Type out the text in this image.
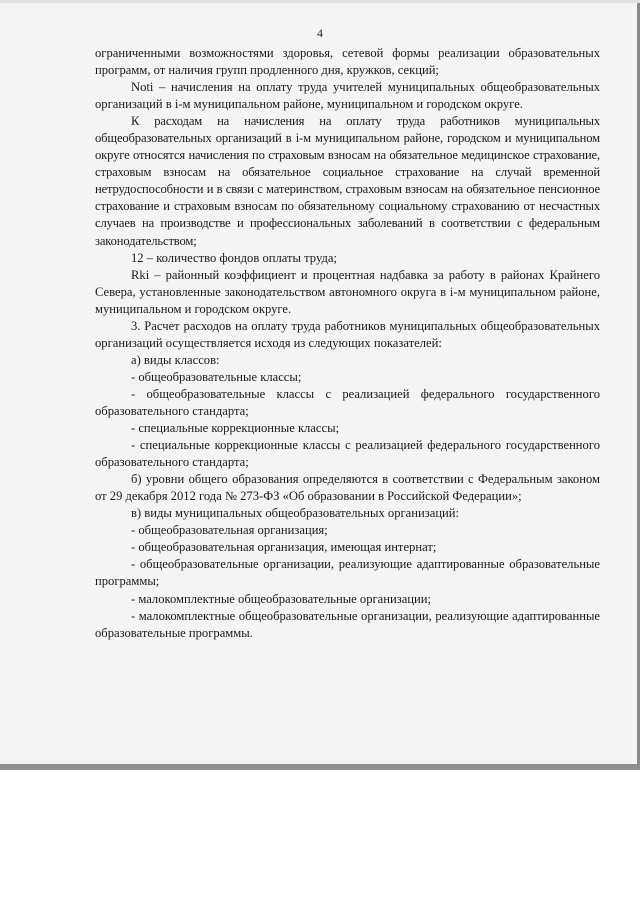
4

ограниченными возможностями здоровья, сетевой формы реализации образовательных программ, от наличия групп продленного дня, кружков, секций;

Noti – начисления на оплату труда учителей муниципальных общеобразовательных организаций в i-м муниципальном районе, муниципальном и городском округе.

К расходам на начисления на оплату труда работников муниципальных общеобразовательных организаций в i-м муниципальном районе, городском и муниципальном округе относятся начисления по страховым взносам на обязательное медицинское страхование, страховым взносам на обязательное социальное страхование на случай временной нетрудоспособности и в связи с материнством, страховым взносам на обязательное пенсионное страхование и страховым взносам по обязательному социальному страхованию от несчастных случаев на производстве и профессиональных заболеваний в соответствии с федеральным законодательством;

12 – количество фондов оплаты труда;

Rki – районный коэффициент и процентная надбавка за работу в районах Крайнего Севера, установленные законодательством автономного округа в i-м муниципальном районе, муниципальном и городском округе.

3. Расчет расходов на оплату труда работников муниципальных общеобразовательных организаций осуществляется исходя из следующих показателей:

а) виды классов:

- общеобразовательные классы;

- общеобразовательные классы с реализацией федерального государственного образовательного стандарта;

- специальные коррекционные классы;

- специальные коррекционные классы с реализацией федерального государственного образовательного стандарта;

б) уровни общего образования определяются в соответствии с Федеральным законом от 29 декабря 2012 года № 273-ФЗ «Об образовании в Российской Федерации»;

в) виды муниципальных общеобразовательных организаций:

- общеобразовательная организация;

- общеобразовательная организация, имеющая интернат;

- общеобразовательные организации, реализующие адаптированные образовательные программы;

- малокомплектные общеобразовательные организации;

- малокомплектные общеобразовательные организации, реализующие адаптированные образовательные программы.
